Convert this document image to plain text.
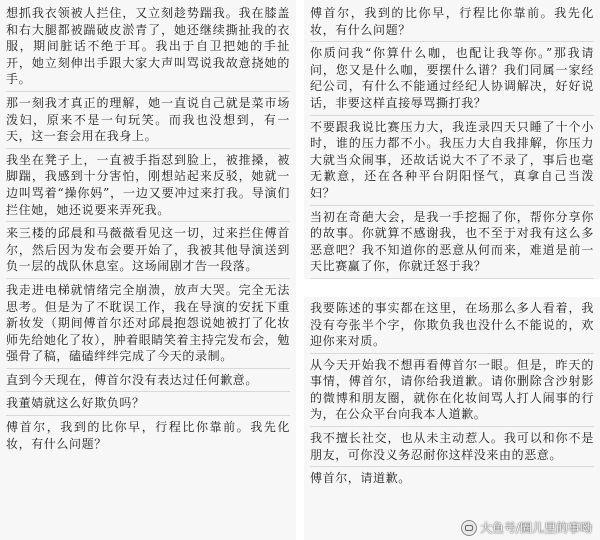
想抓我衣领被人拦住，又立刻趁势踹我。我在膝盖和右大腿都被踹破皮淤青了，她还继续撕扯我的衣服，期间脏话不绝于耳。我出于自卫把她的手扯开，她立刻伸出手跟大家大声叫骂说我故意挠她的手。

那一刻我才真正的理解，她一直说自己就是菜市场泼妇，原来不是一句玩笑。而我也没想到，有一天，这一套会用在我身上。

我坐在凳子上，一直被手指怼到脸上，被推搡，被脚踹，我感到十分害怕，刚想站起来反驳，她就一边叫骂着“操你妈”，一边又要冲过来打我。导演们拦住她，她还说要来弄死我。

来三楼的邱晨和马薇薇看见这一切，过来拦住傅首尔，然后因为发布会要开始了，我被其他导演送到负一层的战队休息室。这场闹剧才告一段落。

我走进电梯就情绪完全崩溃，放声大哭。完全无法思考。但是为了不耽误工作，我在导演的安抚下重新妆发（期间傅首尔还对邱晨抱怨说她被打了化妆师先给她化了妆），肿着眼睛笑着主持完发布会，勉强骨了稿，磕磕绊绊完成了今天的录制。

直到今天现在，傅首尔没有表达过任何歉意。

我董婧就这么好欺负吗？

傅首尔，我到的比你早，行程比你靠前。我先化妆，有什么问题？

傅首尔，我到的比你早，行程比你靠前。我先化妆，有什么问题？

你质问我“你算什么咖，也配让我等你。”那我请问，您又是什么咖，要摆什么谱？我们同属一家经纪公司，有什么不能通过经纪人协调解决，好好说话，非要这样直接辱骂撕打我？

不要跟我说比赛压力大，我连录四天只睡了十个小时，谁的压力都不小。我压力大自我排解，你压力大就当众闹事，还故话说大不了不录了，事后也毫无歉意，还在各种平台阴阳怪气，真拿自己当泼妇？

当初在奇葩大会，是我一手挖掘了你，帮你分享你的故事。你就算不感谢我，也不至于对我有这么多恶意吧？我不知道你的恶意从何而来，难道是前一天比赛赢了你，你就迁怒于我？

我要陈述的事实都在这里，在场那么多人看着，我没有夸张半个字，你欺负我也没什么不能说的，欢迎你来对质。

从今天开始我不想再看傅首尔一眼。但是，昨天的事情，傅首尔，请你给我道歉。请你删除含沙射影的微博和朋友圈，就你在化妆间骂人打人闹事的行为，在公众平台向我本人道歉。

我不擅长社交，也从未主动惹人。我可以和你不是朋友，可你没义务忍耐你这样没来由的恶意。

傅首尔，请道歉。

大鱼号/圈儿里的事呦
